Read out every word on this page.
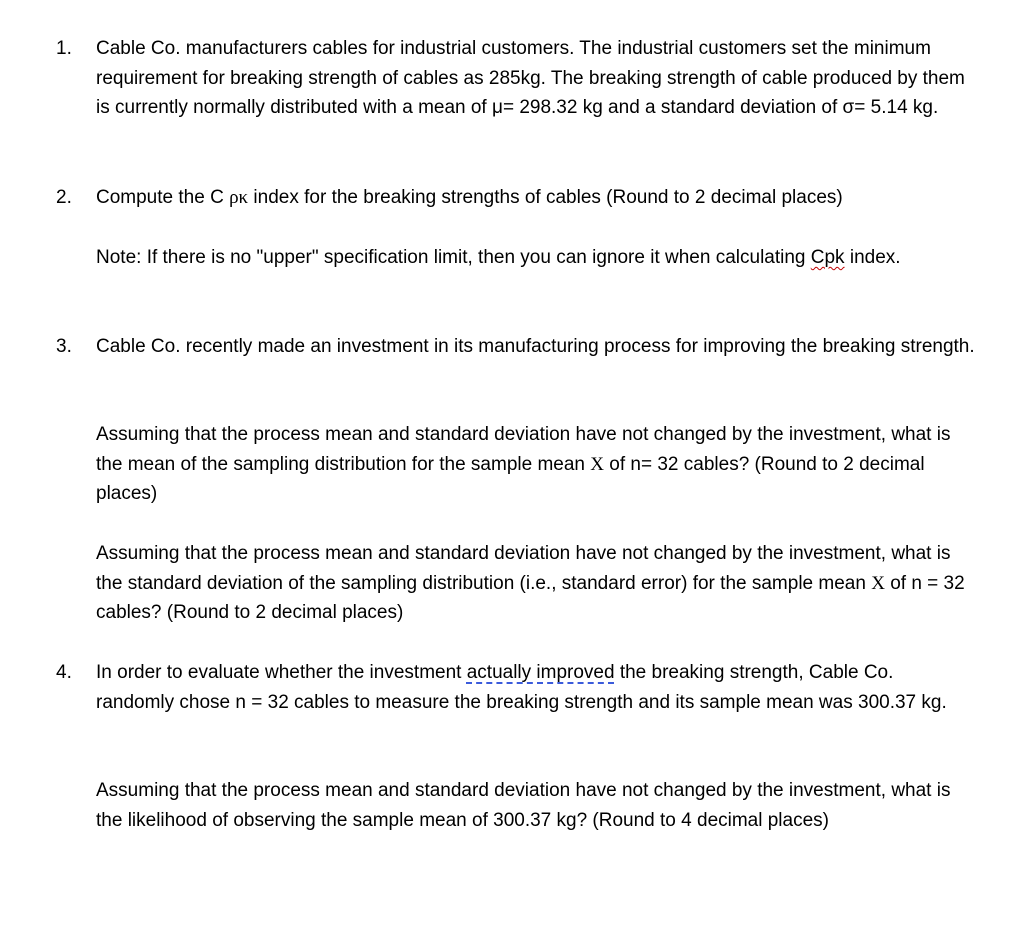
1. Cable Co. manufacturers cables for industrial customers. The industrial customers set the minimum requirement for breaking strength of cables as 285kg. The breaking strength of cable produced by them is currently normally distributed with a mean of μ= 298.32 kg and a standard deviation of σ= 5.14 kg.

2. Compute the C ρκ index for the breaking strengths of cables (Round to 2 decimal places)

Note: If there is no "upper" specification limit, then you can ignore it when calculating Cpk index.

3. Cable Co. recently made an investment in its manufacturing process for improving the breaking strength.

Assuming that the process mean and standard deviation have not changed by the investment, what is the mean of the sampling distribution for the sample mean X of n= 32 cables? (Round to 2 decimal places)

Assuming that the process mean and standard deviation have not changed by the investment, what is the standard deviation of the sampling distribution (i.e., standard error) for the sample mean X of n = 32 cables? (Round to 2 decimal places)

4. In order to evaluate whether the investment actually improved the breaking strength, Cable Co. randomly chose n = 32 cables to measure the breaking strength and its sample mean was 300.37 kg.

Assuming that the process mean and standard deviation have not changed by the investment, what is the likelihood of observing the sample mean of 300.37 kg? (Round to 4 decimal places)
